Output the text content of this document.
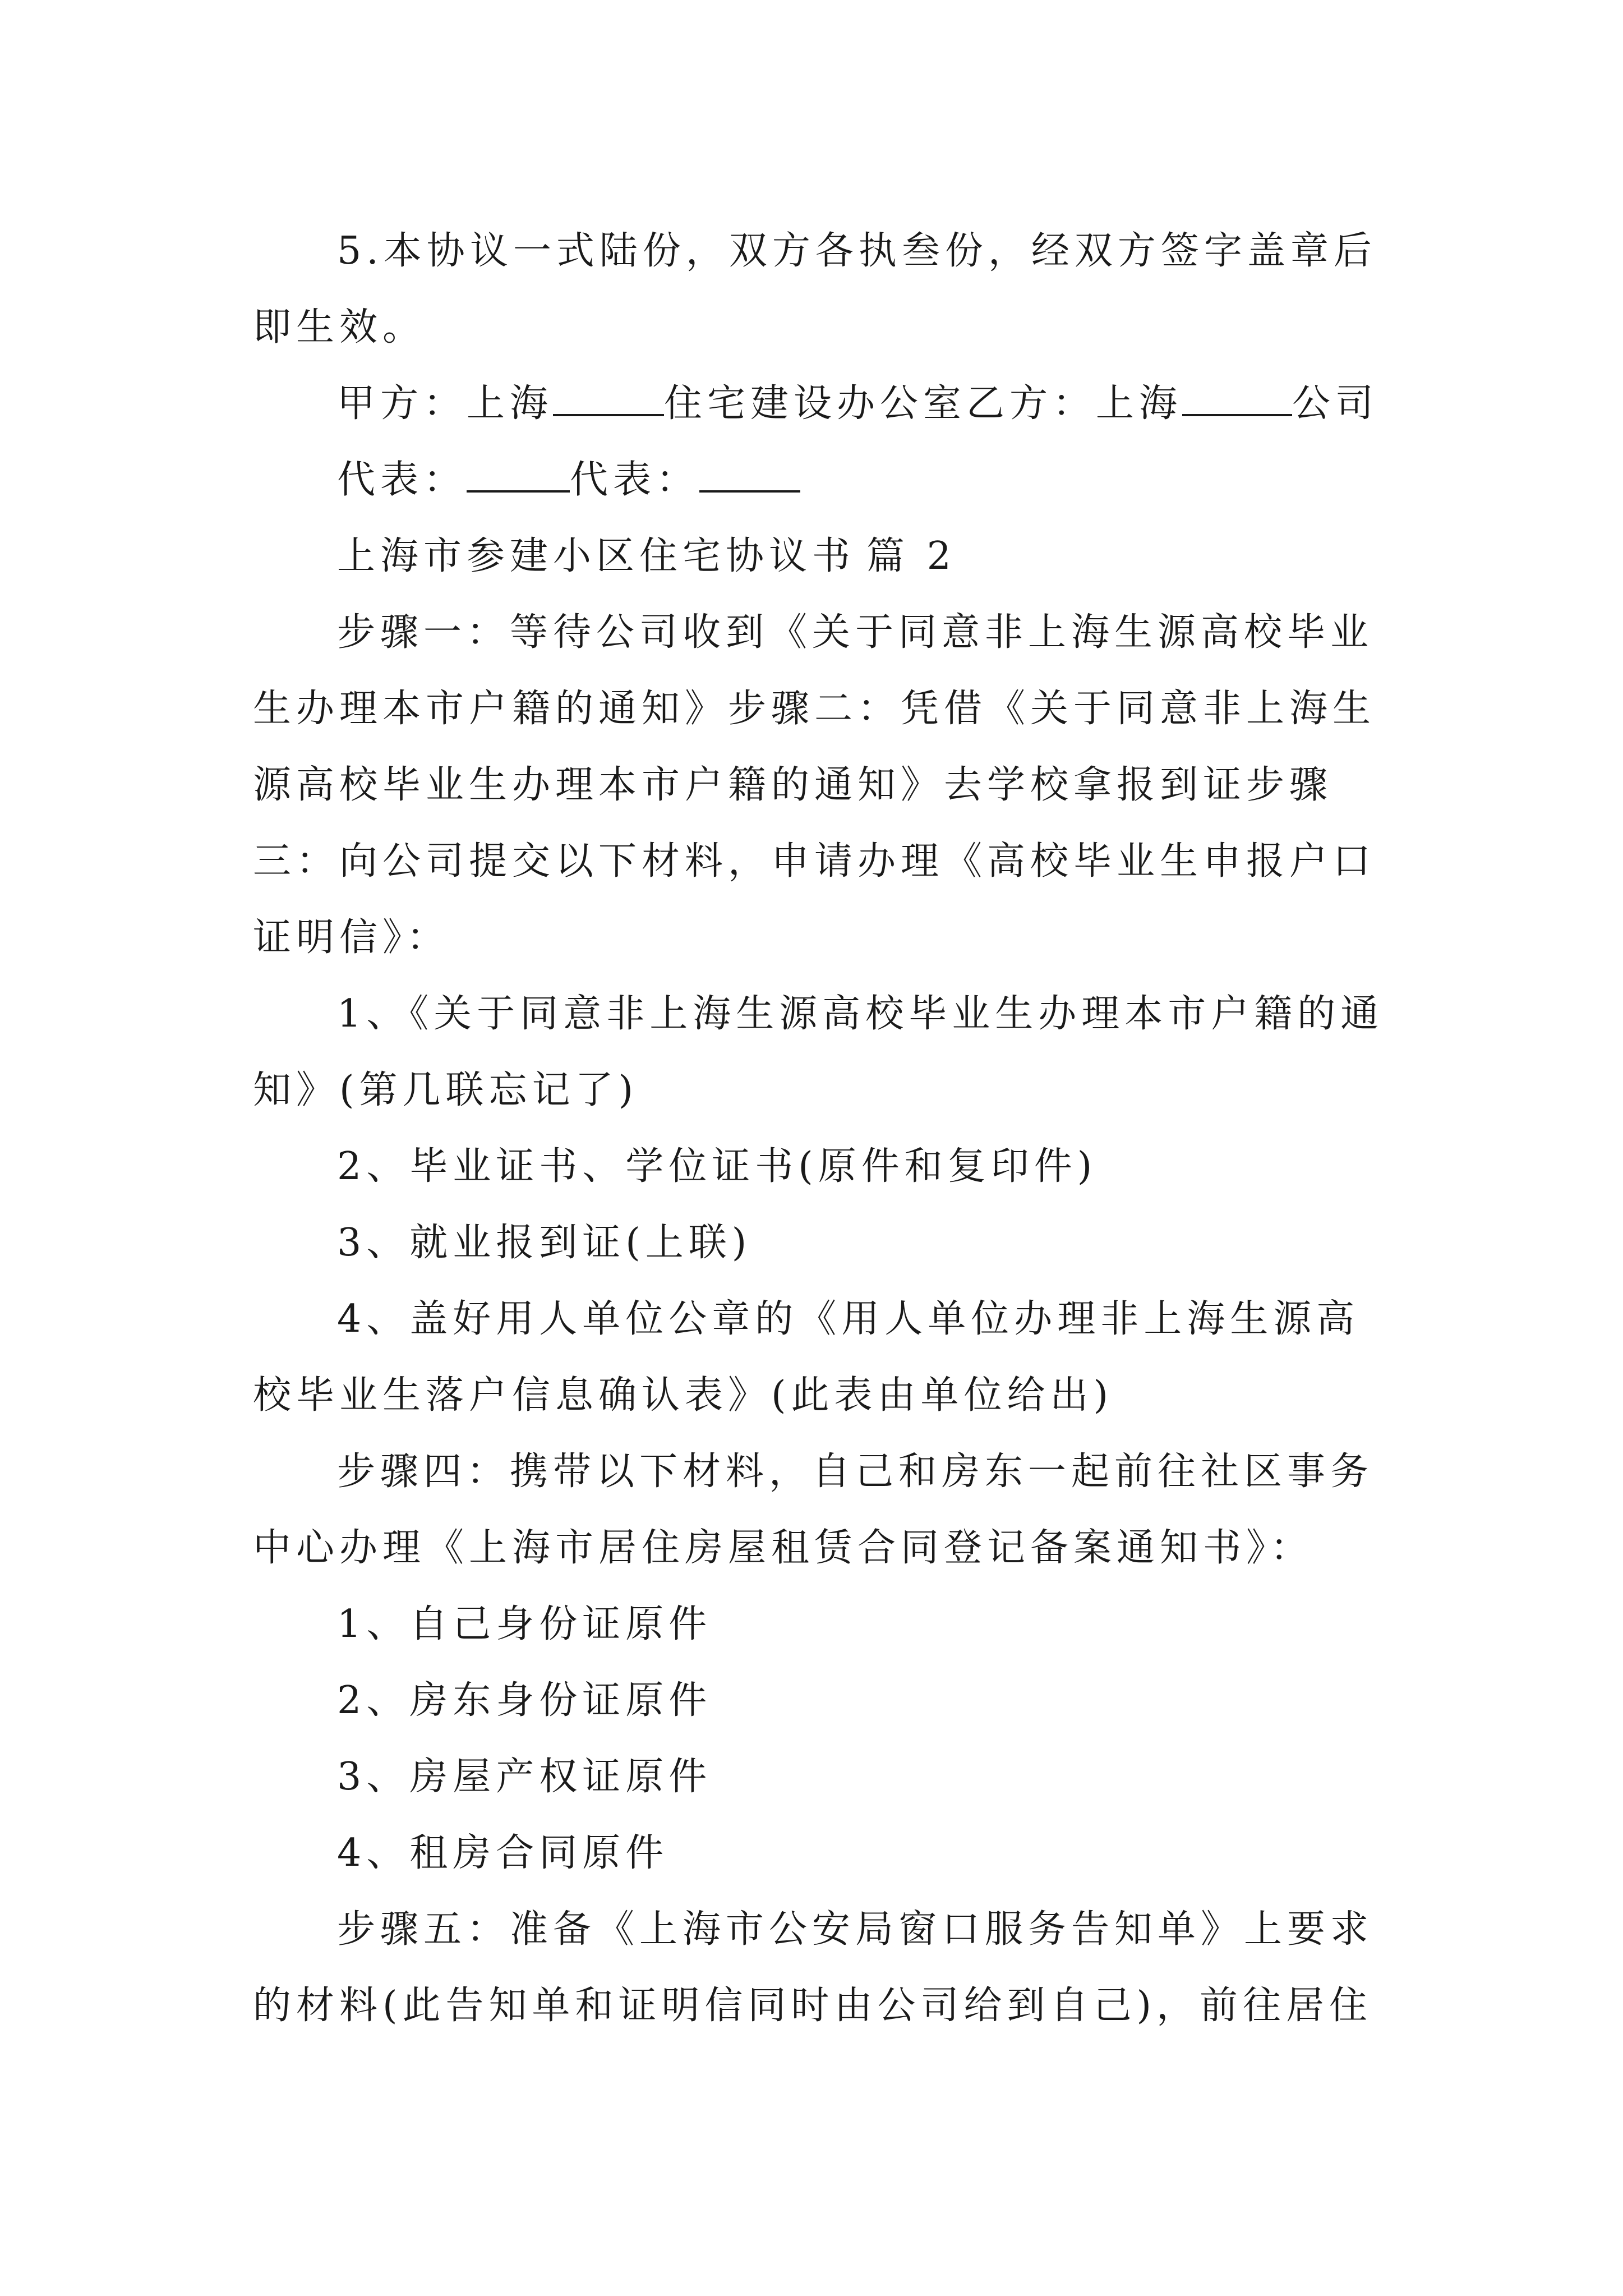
5.本协议一式陆份，双方各执叁份，经双方签字盖章后即生效。

甲方：上海	住宅建设办公室乙方：上海	公司

代表：	代表：

上海市参建小区住宅协议书 篇 2

步骤一：等待公司收到《关于同意非上海生源高校毕业生办理本市户籍的通知》步骤二：凭借《关于同意非上海生源高校毕业生办理本市户籍的通知》去学校拿报到证步骤三：向公司提交以下材料，申请办理《高校毕业生申报户口证明信》：

1、《关于同意非上海生源高校毕业生办理本市户籍的通知》(第几联忘记了)

2、毕业证书、学位证书(原件和复印件)

3、就业报到证(上联)

4、盖好用人单位公章的《用人单位办理非上海生源高校毕业生落户信息确认表》(此表由单位给出)

步骤四：携带以下材料，自己和房东一起前往社区事务中心办理《上海市居住房屋租赁合同登记备案通知书》：

1、自己身份证原件

2、房东身份证原件

3、房屋产权证原件

4、租房合同原件

步骤五：准备《上海市公安局窗口服务告知单》上要求的材料(此告知单和证明信同时由公司给到自己)，前往居住
